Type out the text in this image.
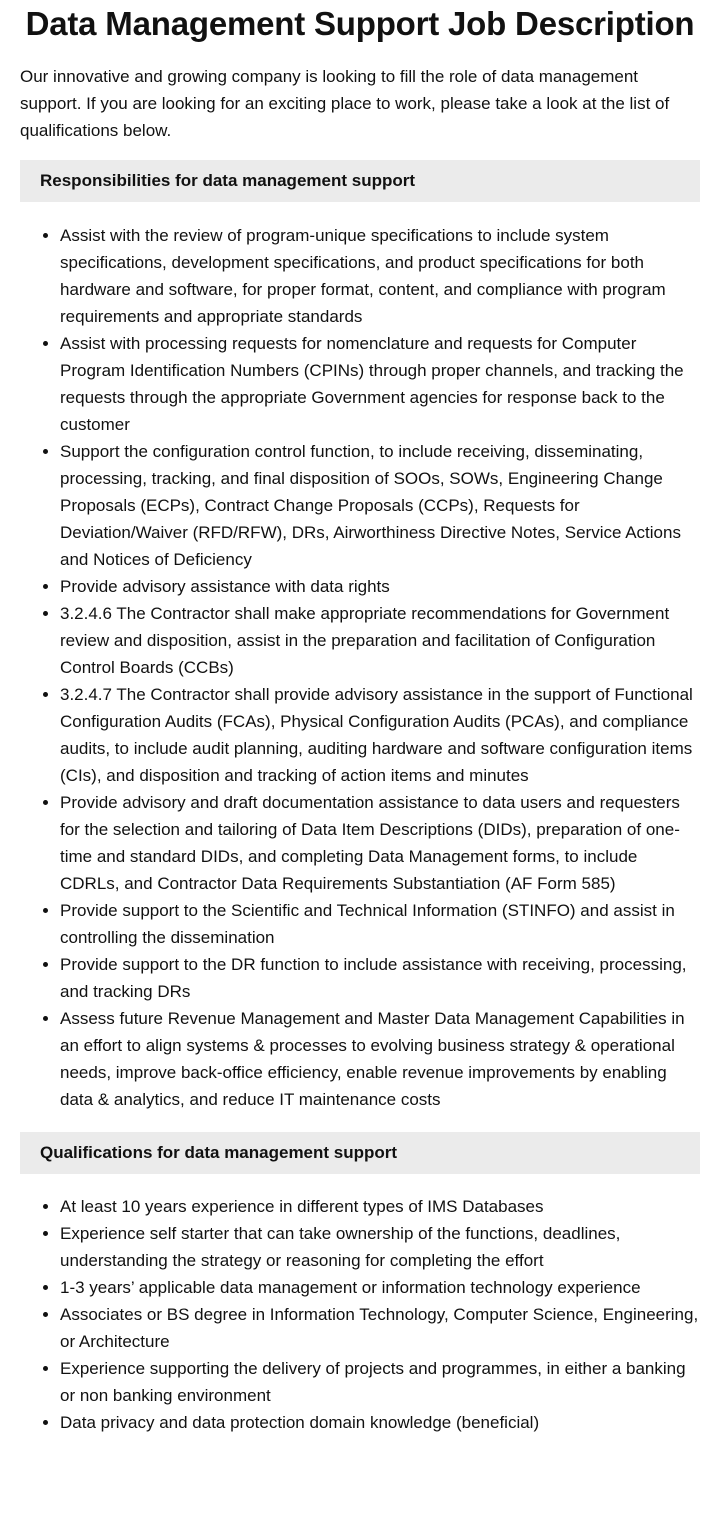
Data Management Support Job Description

Our innovative and growing company is looking to fill the role of data management support. If you are looking for an exciting place to work, please take a look at the list of qualifications below.

Responsibilities for data management support
• Assist with the review of program-unique specifications to include system specifications, development specifications, and product specifications for both hardware and software, for proper format, content, and compliance with program requirements and appropriate standards
• Assist with processing requests for nomenclature and requests for Computer Program Identification Numbers (CPINs) through proper channels, and tracking the requests through the appropriate Government agencies for response back to the customer
• Support the configuration control function, to include receiving, disseminating, processing, tracking, and final disposition of SOOs, SOWs, Engineering Change Proposals (ECPs), Contract Change Proposals (CCPs), Requests for Deviation/Waiver (RFD/RFW), DRs, Airworthiness Directive Notes, Service Actions and Notices of Deficiency
• Provide advisory assistance with data rights
• 3.2.4.6 The Contractor shall make appropriate recommendations for Government review and disposition, assist in the preparation and facilitation of Configuration Control Boards (CCBs)
• 3.2.4.7 The Contractor shall provide advisory assistance in the support of Functional Configuration Audits (FCAs), Physical Configuration Audits (PCAs), and compliance audits, to include audit planning, auditing hardware and software configuration items (CIs), and disposition and tracking of action items and minutes
• Provide advisory and draft documentation assistance to data users and requesters for the selection and tailoring of Data Item Descriptions (DIDs), preparation of one-time and standard DIDs, and completing Data Management forms, to include CDRLs, and Contractor Data Requirements Substantiation (AF Form 585)
• Provide support to the Scientific and Technical Information (STINFO) and assist in controlling the dissemination
• Provide support to the DR function to include assistance with receiving, processing, and tracking DRs
• Assess future Revenue Management and Master Data Management Capabilities in an effort to align systems & processes to evolving business strategy & operational needs, improve back-office efficiency, enable revenue improvements by enabling data & analytics, and reduce IT maintenance costs
Qualifications for data management support
• At least 10 years experience in different types of IMS Databases
• Experience self starter that can take ownership of the functions, deadlines, understanding the strategy or reasoning for completing the effort
• 1-3 years’ applicable data management or information technology experience
• Associates or BS degree in Information Technology, Computer Science, Engineering, or Architecture
• Experience supporting the delivery of projects and programmes, in either a banking or non banking environment
• Data privacy and data protection domain knowledge (beneficial)
